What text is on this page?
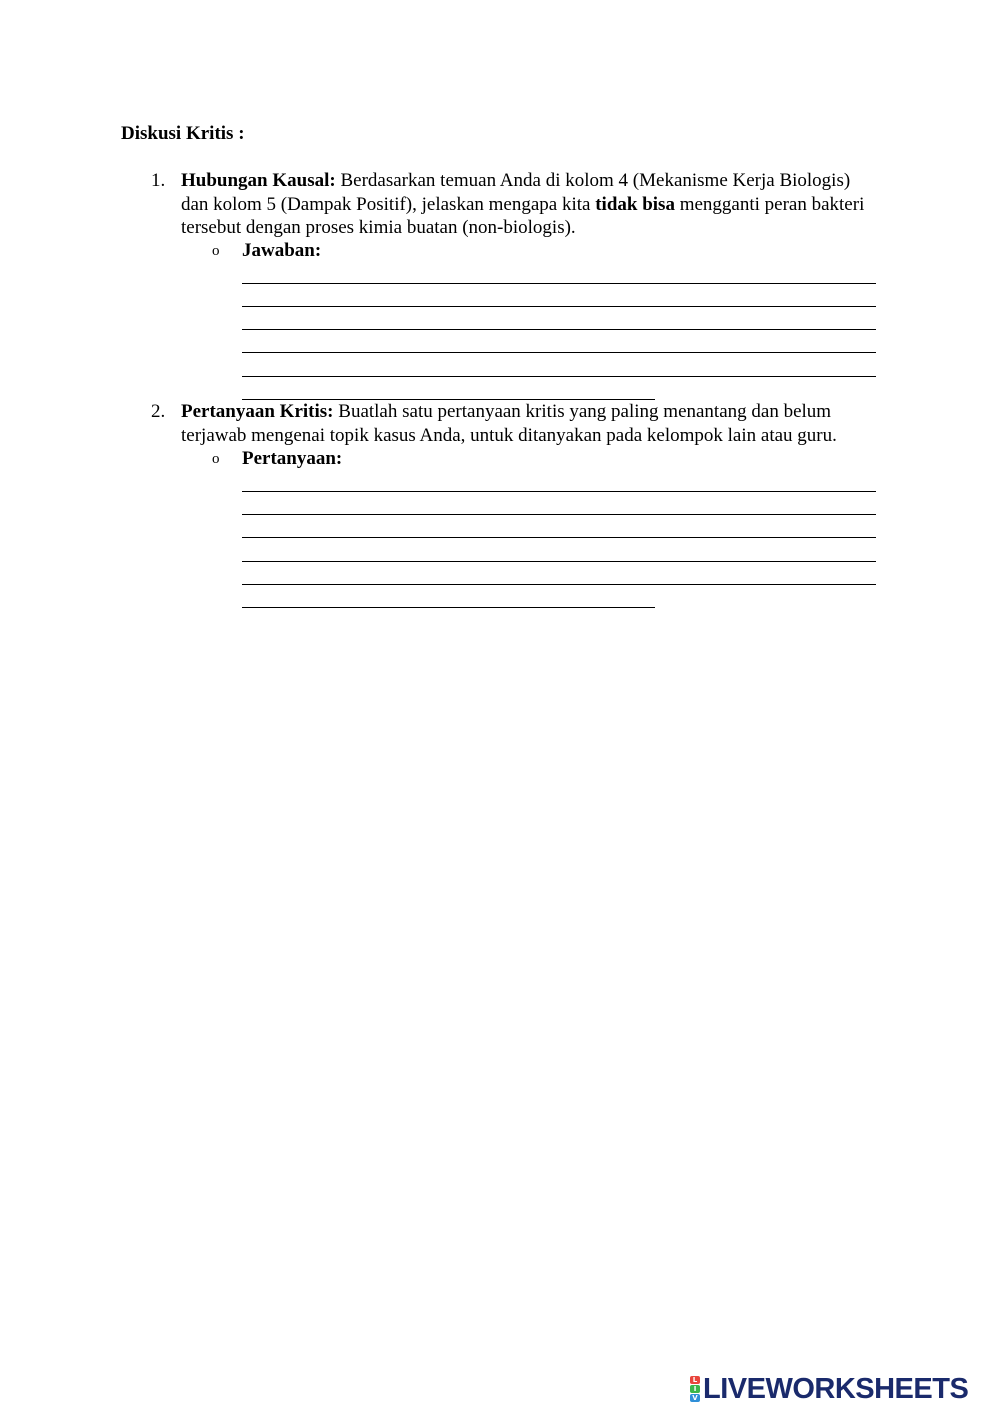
Diskusi Kritis :
1. Hubungan Kausal: Berdasarkan temuan Anda di kolom 4 (Mekanisme Kerja Biologis) dan kolom 5 (Dampak Positif), jelaskan mengapa kita tidak bisa mengganti peran bakteri tersebut dengan proses kimia buatan (non-biologis).
o Jawaban:
2. Pertanyaan Kritis: Buatlah satu pertanyaan kritis yang paling menantang dan belum terjawab mengenai topik kasus Anda, untuk ditanyakan pada kelompok lain atau guru.
o Pertanyaan:
L
I
V LIVEWORKSHEETS
